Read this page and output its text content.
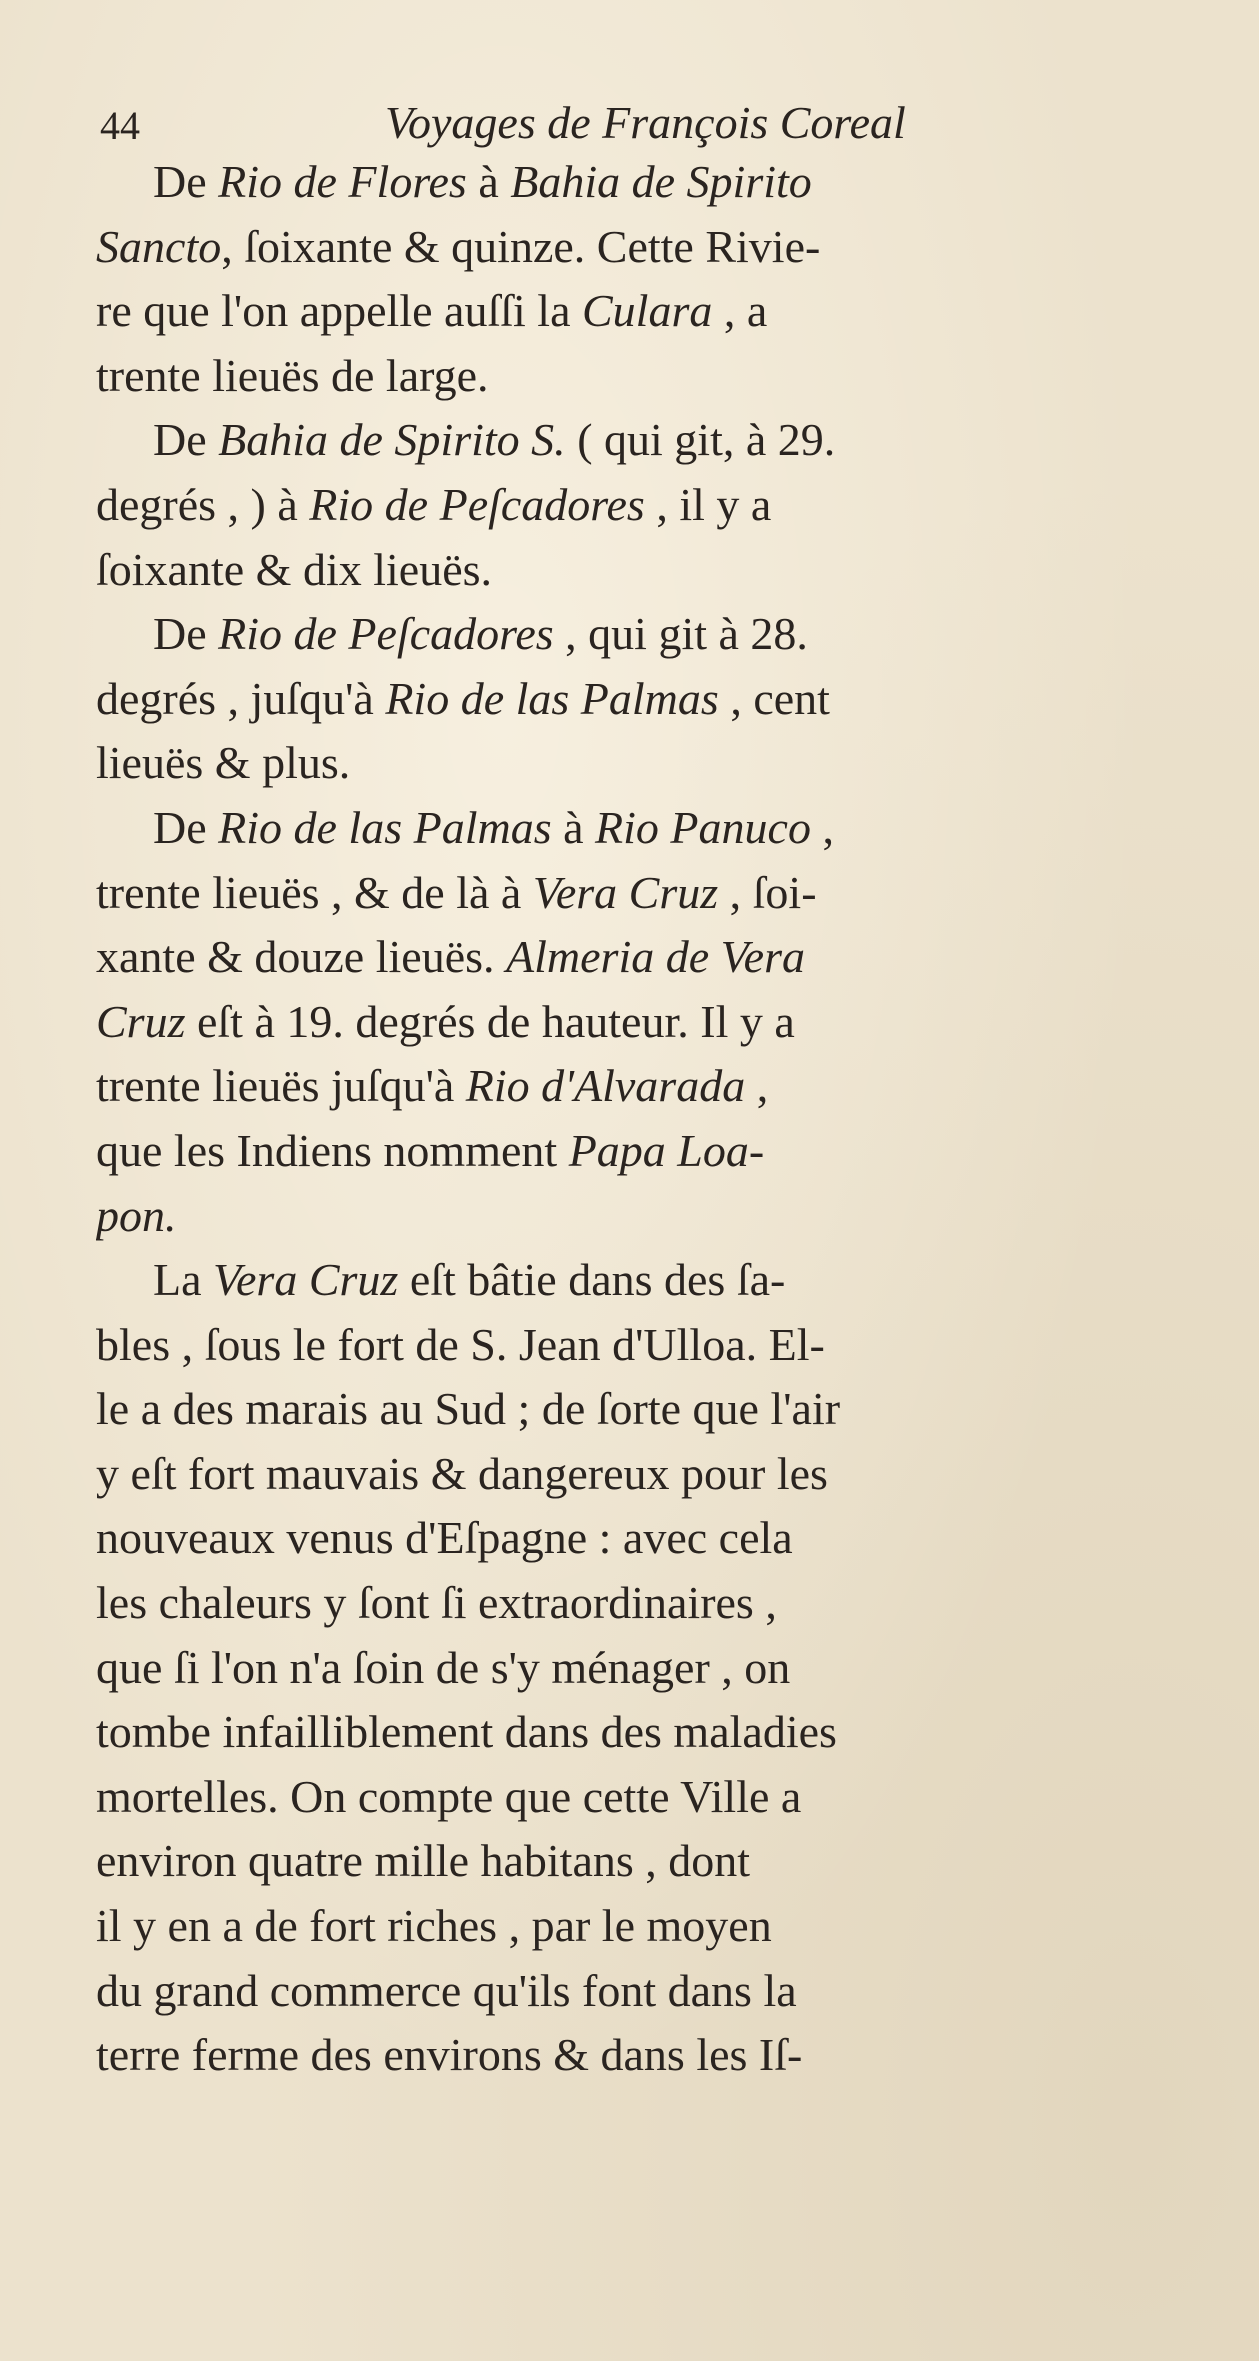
44	Voyages de François Coreal
De Rio de Flores à Bahia de Spirito
Sancto, ſoixante & quinze. Cette Rivie-
re que l'on appelle auſſi la Culara , a
trente lieuës de large.
De Bahia de Spirito S. ( qui git, à 29.
degrés , ) à Rio de Peſcadores , il y a
ſoixante & dix lieuës.
De Rio de Peſcadores , qui git à 28.
degrés , juſqu'à Rio de las Palmas , cent
lieuës & plus.
De Rio de las Palmas à Rio Panuco ,
trente lieuës , & de là à Vera Cruz , ſoi-
xante & douze lieuës. Almeria de Vera
Cruz eſt à 19. degrés de hauteur. Il y a
trente lieuës juſqu'à Rio d'Alvarada ,
que les Indiens nomment Papa Loa-
pon.
La Vera Cruz eſt bâtie dans des ſa-
bles , ſous le fort de S. Jean d'Ulloa. El-
le a des marais au Sud ; de ſorte que l'air
y eſt fort mauvais & dangereux pour les
nouveaux venus d'Eſpagne : avec cela
les chaleurs y ſont ſi extraordinaires ,
que ſi l'on n'a ſoin de s'y ménager , on
tombe infailliblement dans des maladies
mortelles. On compte que cette Ville a
environ quatre mille habitans , dont
il y en a de fort riches , par le moyen
du grand commerce qu'ils font dans la
terre ferme des environs & dans les Iſ-
